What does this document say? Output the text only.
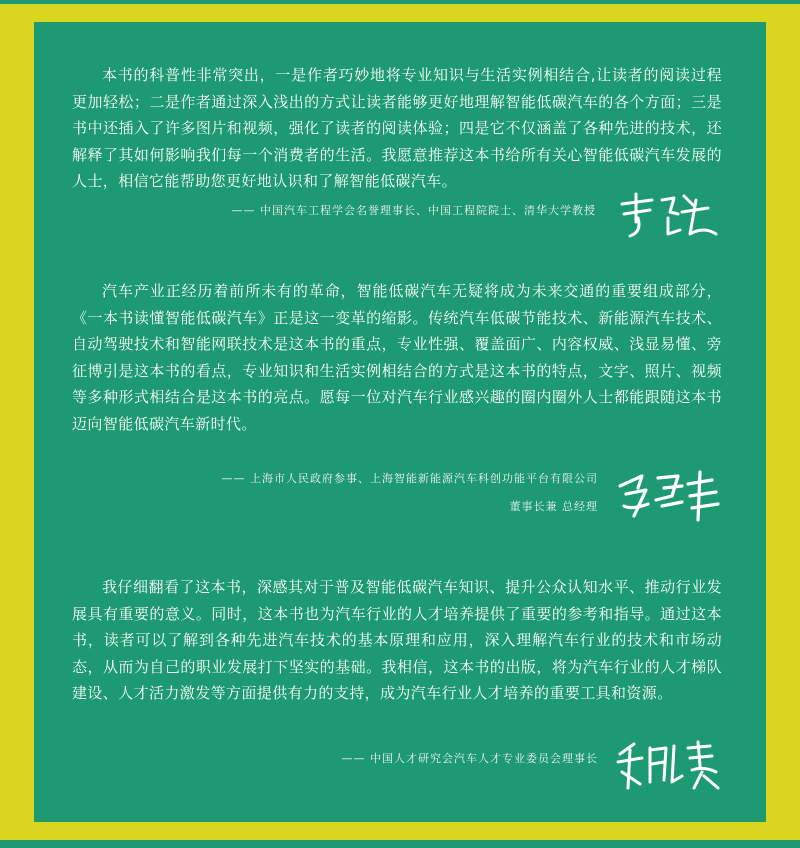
本书的科普性非常突出，一是作者巧妙地将专业知识与生活实例相结合,让读者的阅读过程更加轻松；二是作者通过深入浅出的方式让读者能够更好地理解智能低碳汽车的各个方面；三是书中还插入了许多图片和视频，强化了读者的阅读体验；四是它不仅涵盖了各种先进的技术，还解释了其如何影响我们每一个消费者的生活。我愿意推荐这本书给所有关心智能低碳汽车发展的人士，相信它能帮助您更好地认识和了解智能低碳汽车。

—— 中国汽车工程学会名誉理事长、中国工程院院士、清华大学教授

汽车产业正经历着前所未有的革命，智能低碳汽车无疑将成为未来交通的重要组成部分，《一本书读懂智能低碳汽车》正是这一变革的缩影。传统汽车低碳节能技术、新能源汽车技术、自动驾驶技术和智能网联技术是这本书的重点，专业性强、覆盖面广、内容权威、浅显易懂、旁征博引是这本书的看点，专业知识和生活实例相结合的方式是这本书的特点，文字、照片、视频等多种形式相结合是这本书的亮点。愿每一位对汽车行业感兴趣的圈内圈外人士都能跟随这本书迈向智能低碳汽车新时代。

—— 上海市人民政府参事、上海智能新能源汽车科创功能平台有限公司
董事长兼 总经理

我仔细翻看了这本书，深感其对于普及智能低碳汽车知识、提升公众认知水平、推动行业发展具有重要的意义。同时，这本书也为汽车行业的人才培养提供了重要的参考和指导。通过这本书，读者可以了解到各种先进汽车技术的基本原理和应用，深入理解汽车行业的技术和市场动态，从而为自己的职业发展打下坚实的基础。我相信，这本书的出版，将为汽车行业的人才梯队建设、人才活力激发等方面提供有力的支持，成为汽车行业人才培养的重要工具和资源。

—— 中国人才研究会汽车人才专业委员会理事长
